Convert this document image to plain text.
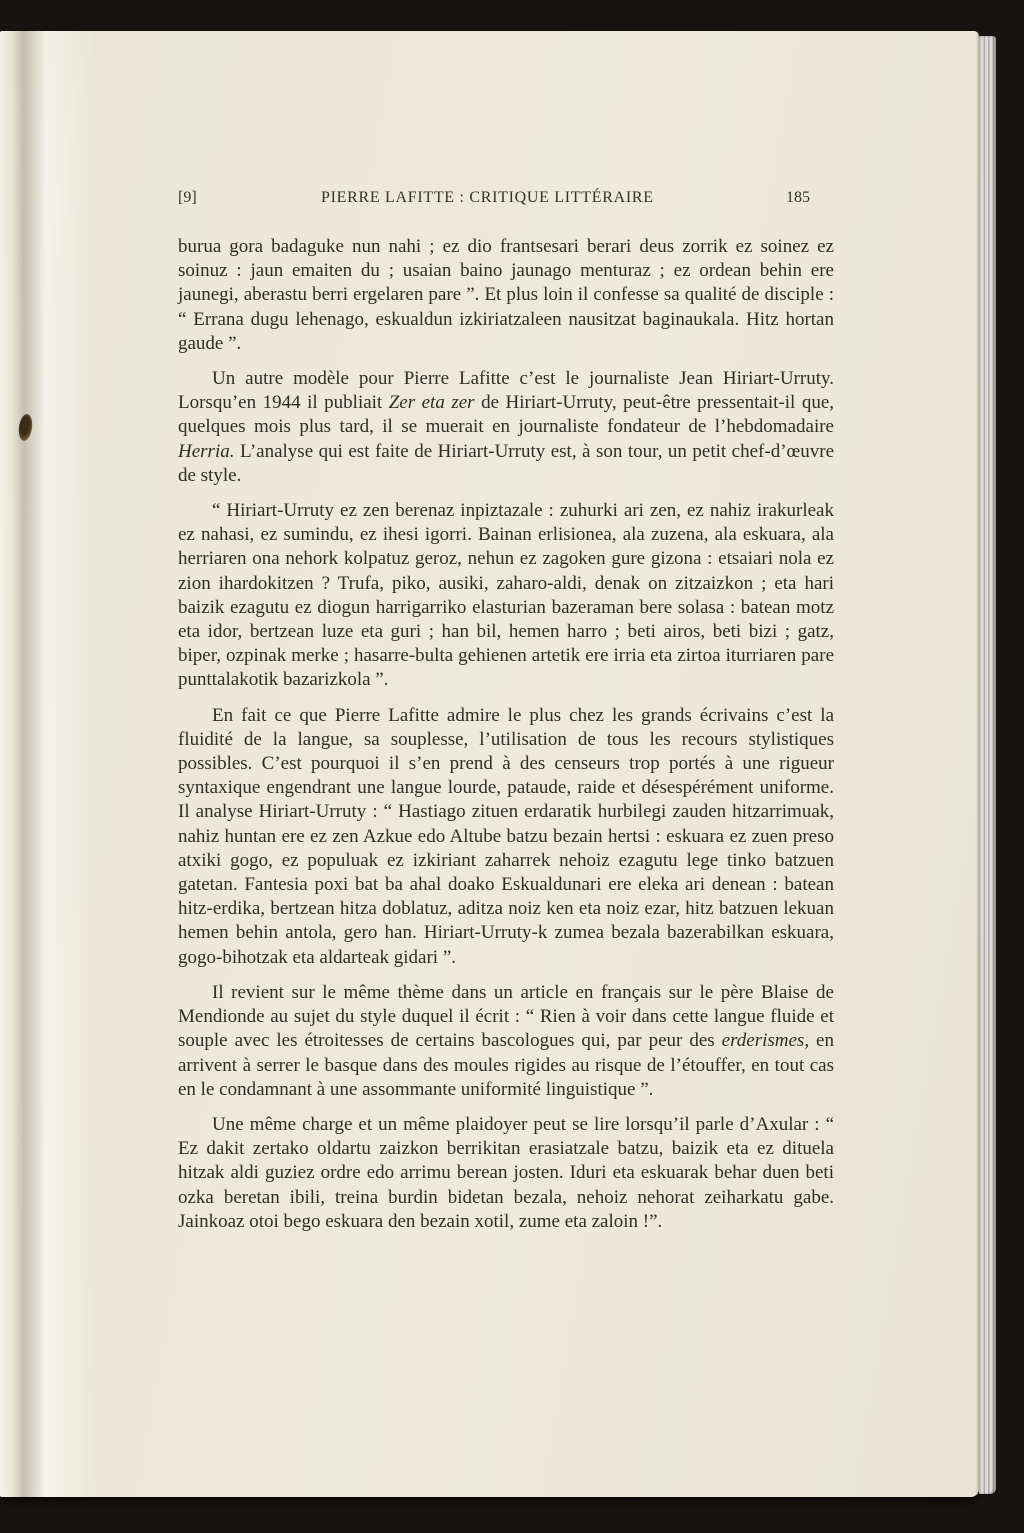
[9]	PIERRE LAFITTE : CRITIQUE LITTÉRAIRE	185

burua gora badaguke nun nahi ; ez dio frantsesari berari deus zorrik ez soinez ez soinuz : jaun emaiten du ; usaian baino jaunago menturaz ; ez ordean behin ere jaunegi, aberastu berri ergelaren pare ”. Et plus loin il confesse sa qualité de disciple : “ Errana dugu lehenago, eskualdun izkiriatzaleen nausitzat baginaukala. Hitz hortan gaude ”.

Un autre modèle pour Pierre Lafitte c’est le journaliste Jean Hiriart-Urruty. Lorsqu’en 1944 il publiait Zer eta zer de Hiriart-Urruty, peut-être pressentait-il que, quelques mois plus tard, il se muerait en journaliste fondateur de l’hebdomadaire Herria. L’analyse qui est faite de Hiriart-Urruty est, à son tour, un petit chef-d’œuvre de style.

“ Hiriart-Urruty ez zen berenaz inpiztazale : zuhurki ari zen, ez nahiz irakurleak ez nahasi, ez sumindu, ez ihesi igorri. Bainan erlisionea, ala zuzena, ala eskuara, ala herriaren ona nehork kolpatuz geroz, nehun ez zagoken gure gizona : etsaiari nola ez zion ihardokitzen ? Trufa, piko, ausiki, zaharo-aldi, denak on zitzaizkon ; eta hari baizik ezagutu ez diogun harrigarriko elasturian bazeraman bere solasa : batean motz eta idor, bertzean luze eta guri ; han bil, hemen harro ; beti airos, beti bizi ; gatz, biper, ozpinak merke ; hasarre-bulta gehienen artetik ere irria eta zirtoa iturriaren pare punttalakotik bazarizkola ”.

En fait ce que Pierre Lafitte admire le plus chez les grands écrivains c’est la fluidité de la langue, sa souplesse, l’utilisation de tous les recours stylistiques possibles. C’est pourquoi il s’en prend à des censeurs trop portés à une rigueur syntaxique engendrant une langue lourde, pataude, raide et désespérément uniforme. Il analyse Hiriart-Urruty : “ Hastiago zituen erdaratik hurbilegi zauden hitzarrimuak, nahiz huntan ere ez zen Azkue edo Altube batzu bezain hertsi : eskuara ez zuen preso atxiki gogo, ez populuak ez izkiriant zaharrek nehoiz ezagutu lege tinko batzuen gatetan. Fantesia poxi bat ba ahal doako Eskualdunari ere eleka ari denean : batean hitz-erdika, bertzean hitza doblatuz, aditza noiz ken eta noiz ezar, hitz batzuen lekuan hemen behin antola, gero han. Hiriart-Urruty-k zumea bezala bazerabilkan eskuara, gogo-bihotzak eta aldarteak gidari ”.

Il revient sur le même thème dans un article en français sur le père Blaise de Mendionde au sujet du style duquel il écrit : “ Rien à voir dans cette langue fluide et souple avec les étroitesses de certains bascologues qui, par peur des erderismes, en arrivent à serrer le basque dans des moules rigides au risque de l’étouffer, en tout cas en le condamnant à une assommante uniformité linguistique ”.

Une même charge et un même plaidoyer peut se lire lorsqu’il parle d’Axular : “ Ez dakit zertako oldartu zaizkon berrikitan erasiatzale batzu, baizik eta ez dituela hitzak aldi guziez ordre edo arrimu berean josten. Iduri eta eskuarak behar duen beti ozka beretan ibili, treina burdin bidetan bezala, nehoiz nehorat zeiharkatu gabe. Jainkoaz otoi bego eskuara den bezain xotil, zume eta zaloin !”.
